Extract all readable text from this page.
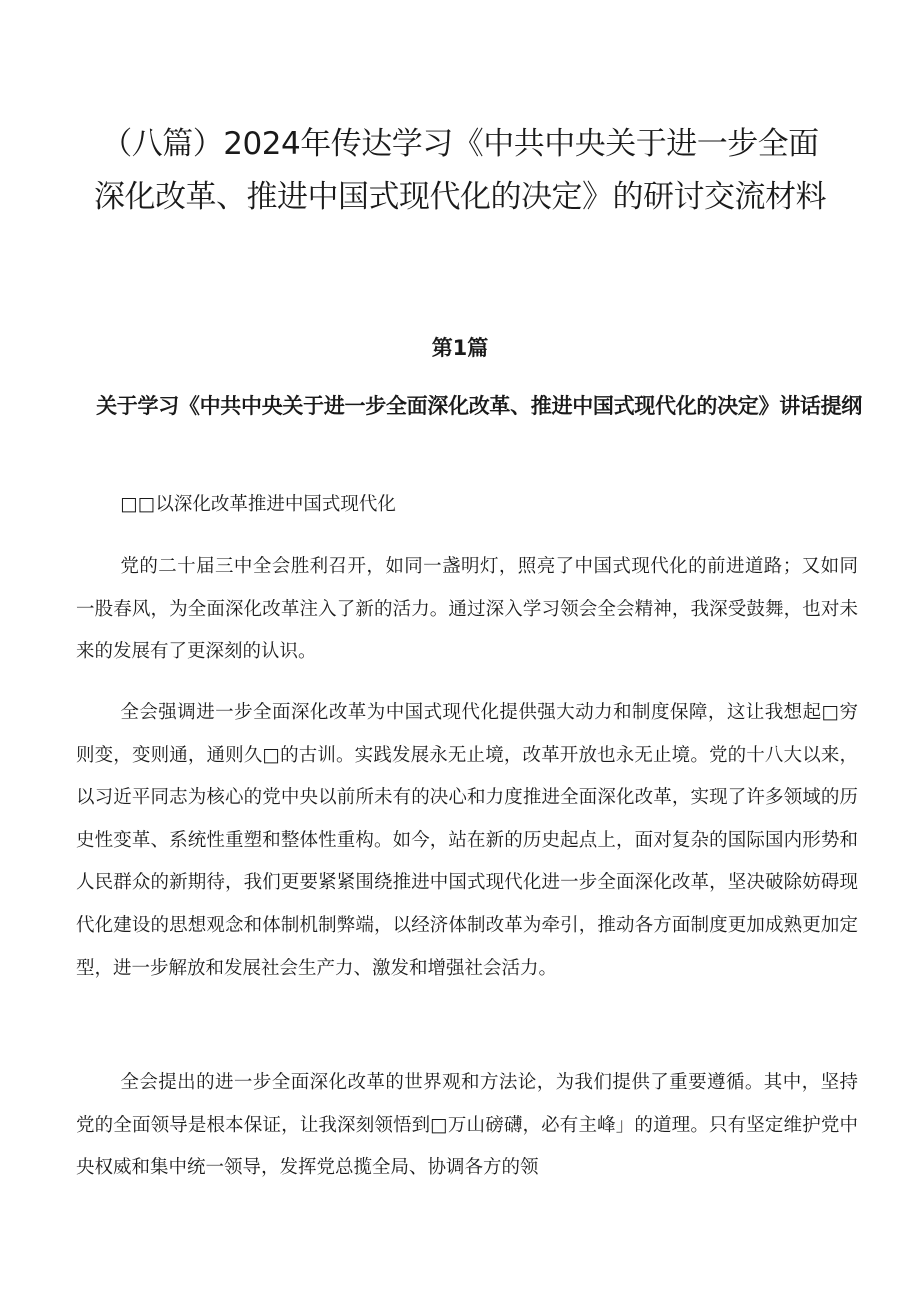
（八篇）2024年传达学习《中共中央关于进一步全面深化改革、推进中国式现代化的决定》的研讨交流材料
第1篇
关于学习《中共中央关于进一步全面深化改革、推进中国式现代化的决定》讲话提纲

□□以深化改革推进中国式现代化

党的二十届三中全会胜利召开，如同一盏明灯，照亮了中国式现代化的前进道路；又如同一股春风，为全面深化改革注入了新的活力。通过深入学习领会全会精神，我深受鼓舞，也对未来的发展有了更深刻的认识。

全会强调进一步全面深化改革为中国式现代化提供强大动力和制度保障，这让我想起□穷则变，变则通，通则久□的古训。实践发展永无止境，改革开放也永无止境。党的十八大以来，以习近平同志为核心的党中央以前所未有的决心和力度推进全面深化改革，实现了许多领域的历史性变革、系统性重塑和整体性重构。如今，站在新的历史起点上，面对复杂的国际国内形势和人民群众的新期待，我们更要紧紧围绕推进中国式现代化进一步全面深化改革，坚决破除妨碍现代化建设的思想观念和体制机制弊端，以经济体制改革为牵引，推动各方面制度更加成熟更加定型，进一步解放和发展社会生产力、激发和增强社会活力。

全会提出的进一步全面深化改革的世界观和方法论，为我们提供了重要遵循。其中，坚持党的全面领导是根本保证，让我深刻领悟到□万山磅礴，必有主峰」的道理。只有坚定维护党中央权威和集中统一领导，发挥党总揽全局、协调各方的领
